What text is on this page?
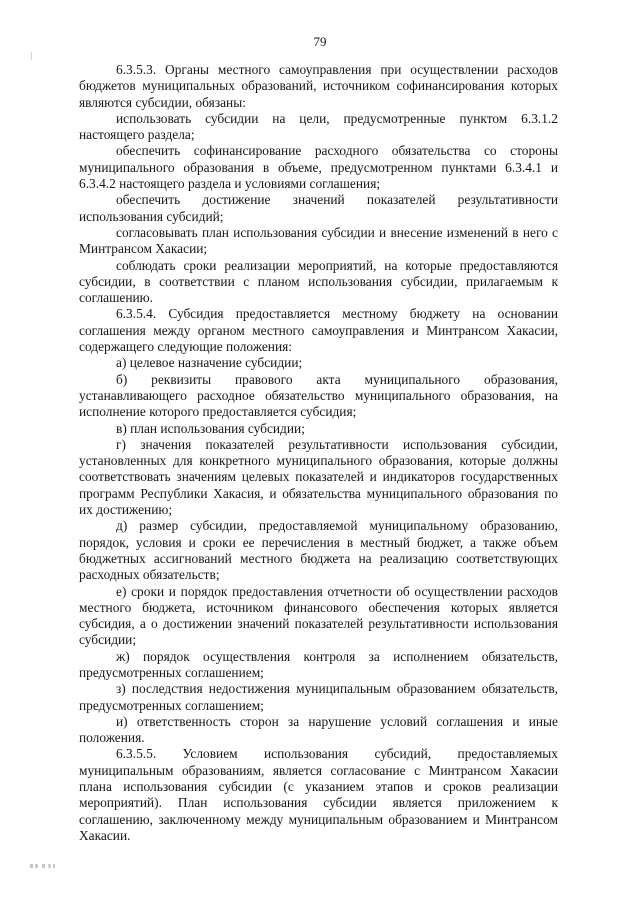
79

6.3.5.3. Органы местного самоуправления при осуществлении расходов бюджетов муниципальных образований, источником софинансирования которых являются субсидии, обязаны:

использовать субсидии на цели, предусмотренные пунктом 6.3.1.2 настоящего раздела;

обеспечить софинансирование расходного обязательства со стороны муниципального образования в объеме, предусмотренном пунктами 6.3.4.1 и 6.3.4.2 настоящего раздела и условиями соглашения;

обеспечить достижение значений показателей результативности использования субсидий;

согласовывать план использования субсидии и внесение изменений в него с Минтрансом Хакасии;

соблюдать сроки реализации мероприятий, на которые предоставляются субсидии, в соответствии с планом использования субсидии, прилагаемым к соглашению.

6.3.5.4. Субсидия предоставляется местному бюджету на основании соглашения между органом местного самоуправления и Минтрансом Хакасии, содержащего следующие положения:

а) целевое назначение субсидии;

б) реквизиты правового акта муниципального образования, устанавливающего расходное обязательство муниципального образования, на исполнение которого предоставляется субсидия;

в) план использования субсидии;

г) значения показателей результативности использования субсидии, установленных для конкретного муниципального образования, которые должны соответствовать значениям целевых показателей и индикаторов государственных программ Республики Хакасия, и обязательства муниципального образования по их достижению;

д) размер субсидии, предоставляемой муниципальному образованию, порядок, условия и сроки ее перечисления в местный бюджет, а также объем бюджетных ассигнований местного бюджета на реализацию соответствующих расходных обязательств;

е) сроки и порядок предоставления отчетности об осуществлении расходов местного бюджета, источником финансового обеспечения которых является субсидия, а о достижении значений показателей результативности использования субсидии;

ж) порядок осуществления контроля за исполнением обязательств, предусмотренных соглашением;

з) последствия недостижения муниципальным образованием обязательств, предусмотренных соглашением;

и) ответственность сторон за нарушение условий соглашения и иные положения.

6.3.5.5. Условием использования субсидий, предоставляемых муниципальным образованиям, является согласование с Минтрансом Хакасии плана использования субсидии (с указанием этапов и сроков реализации мероприятий). План использования субсидии является приложением к соглашению, заключенному между муниципальным образованием и Минтрансом Хакасии.
